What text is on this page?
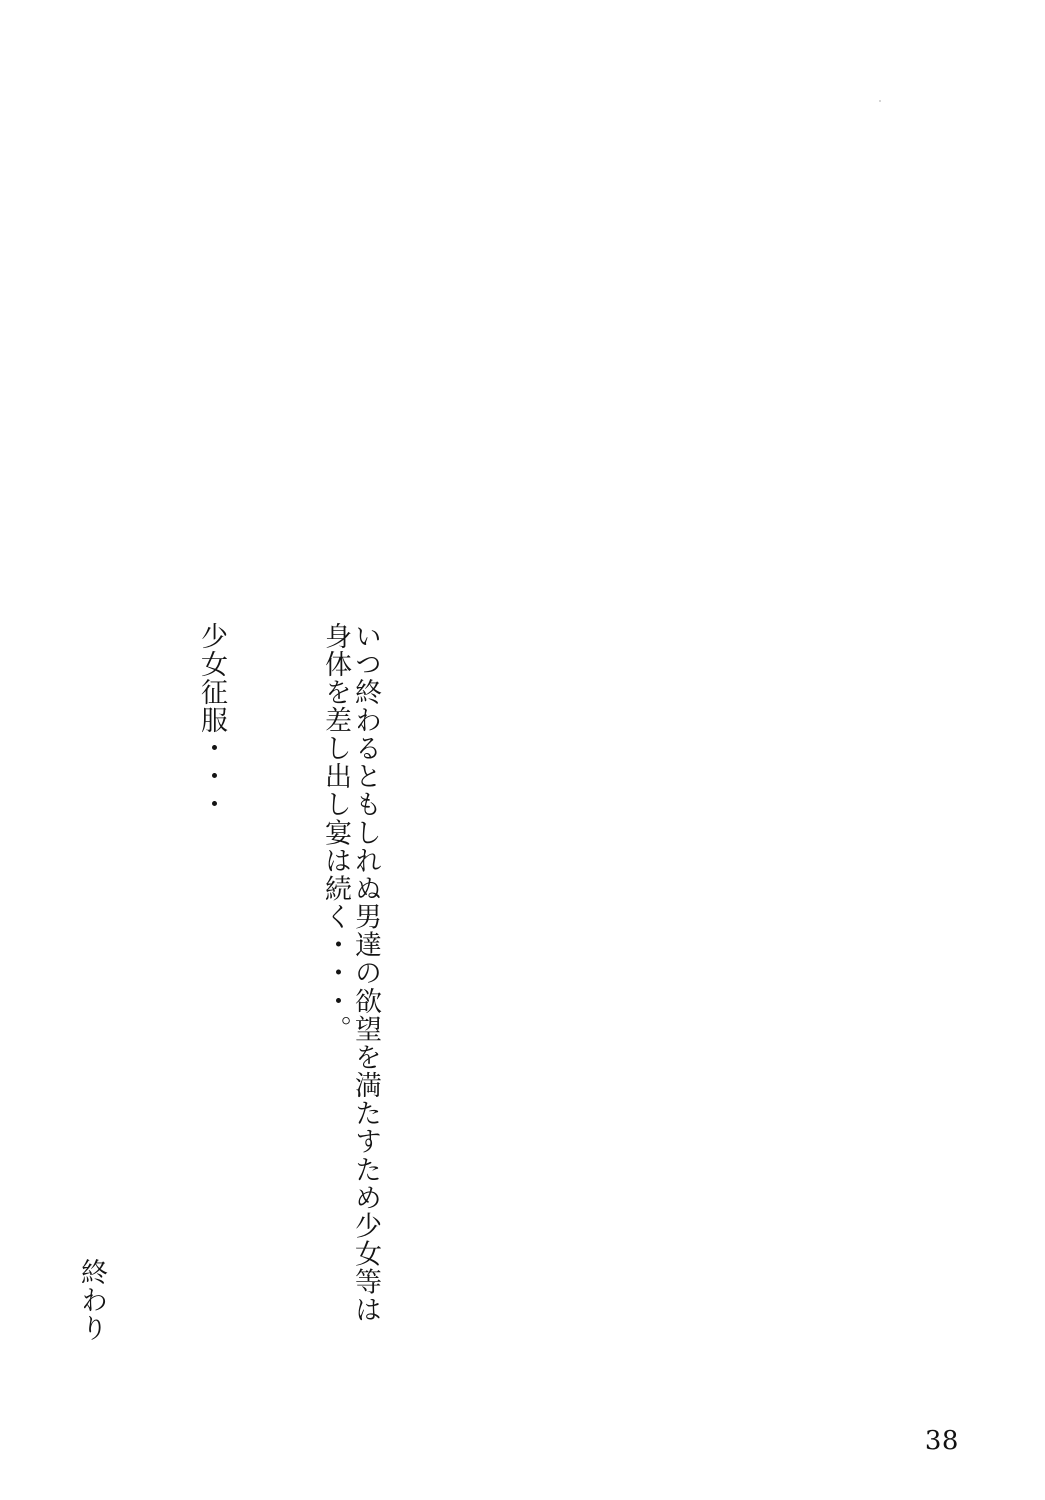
少女征服・・・	身体を差し出し宴は続く・・・。 いつ終わるともしれぬ男達の欲望を満たすため少女等は
終わり
38
